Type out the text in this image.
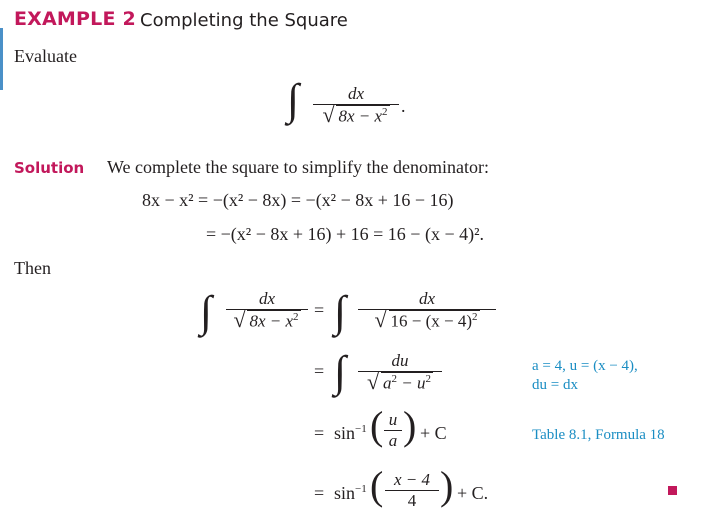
EXAMPLE 2 Completing the Square
Evaluate
∫	dx
√ $8x - x^2$ .
Solution We complete the square to simplify the denominator:
8x − x² = −(x² − 8x) = −(x² − 8x + 16 − 16)
= −(x² − 8x + 16) + 16 = 16 − (x − 4)².
Then
∫	dx
√ $8x - x^2$ = ∫	dx
√ $16 - (x - 4)^2$
= ∫	du
√ $a^2 - u^2$
a = 4, u = (x − 4),
du = dx
= $\sin^{-1}$ ( u
a ) + C	Table 8.1, Formula 18
= $\sin^{-1}$ ( x − 4
4 ) + C.
